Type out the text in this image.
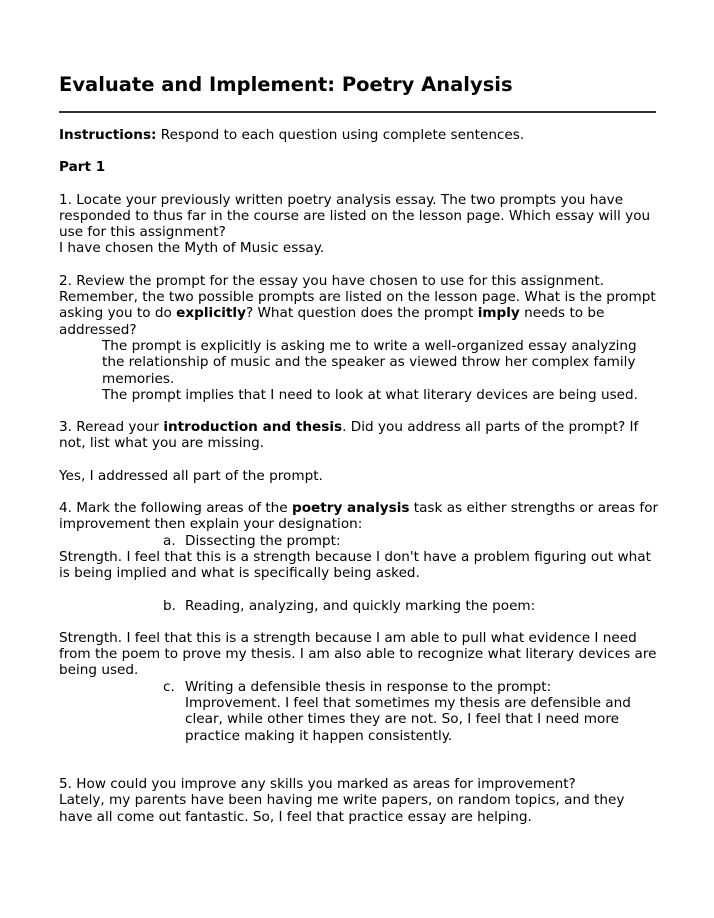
Evaluate and Implement: Poetry Analysis

Instructions: Respond to each question using complete sentences.

Part 1

1. Locate your previously written poetry analysis essay. The two prompts you have responded to thus far in the course are listed on the lesson page. Which essay will you use for this assignment?

I have chosen the Myth of Music essay.

2. Review the prompt for the essay you have chosen to use for this assignment. Remember, the two possible prompts are listed on the lesson page. What is the prompt asking you to do explicitly? What question does the prompt imply needs to be addressed?

The prompt is explicitly is asking me to write a well-organized essay analyzing the relationship of music and the speaker as viewed throw her complex family memories.

The prompt implies that I need to look at what literary devices are being used.

3. Reread your introduction and thesis. Did you address all parts of the prompt? If not, list what you are missing.

Yes, I addressed all part of the prompt.

4. Mark the following areas of the poetry analysis task as either strengths or areas for improvement then explain your designation:

a. Dissecting the prompt:

Strength. I feel that this is a strength because I don't have a problem figuring out what is being implied and what is specifically being asked.

b. Reading, analyzing, and quickly marking the poem:

Strength. I feel that this is a strength because I am able to pull what evidence I need from the poem to prove my thesis. I am also able to recognize what literary devices are being used.

c. Writing a defensible thesis in response to the prompt:
Improvement. I feel that sometimes my thesis are defensible and clear, while other times they are not. So, I feel that I need more practice making it happen consistently.

5. How could you improve any skills you marked as areas for improvement?

Lately, my parents have been having me write papers, on random topics, and they have all come out fantastic. So, I feel that practice essay are helping.
